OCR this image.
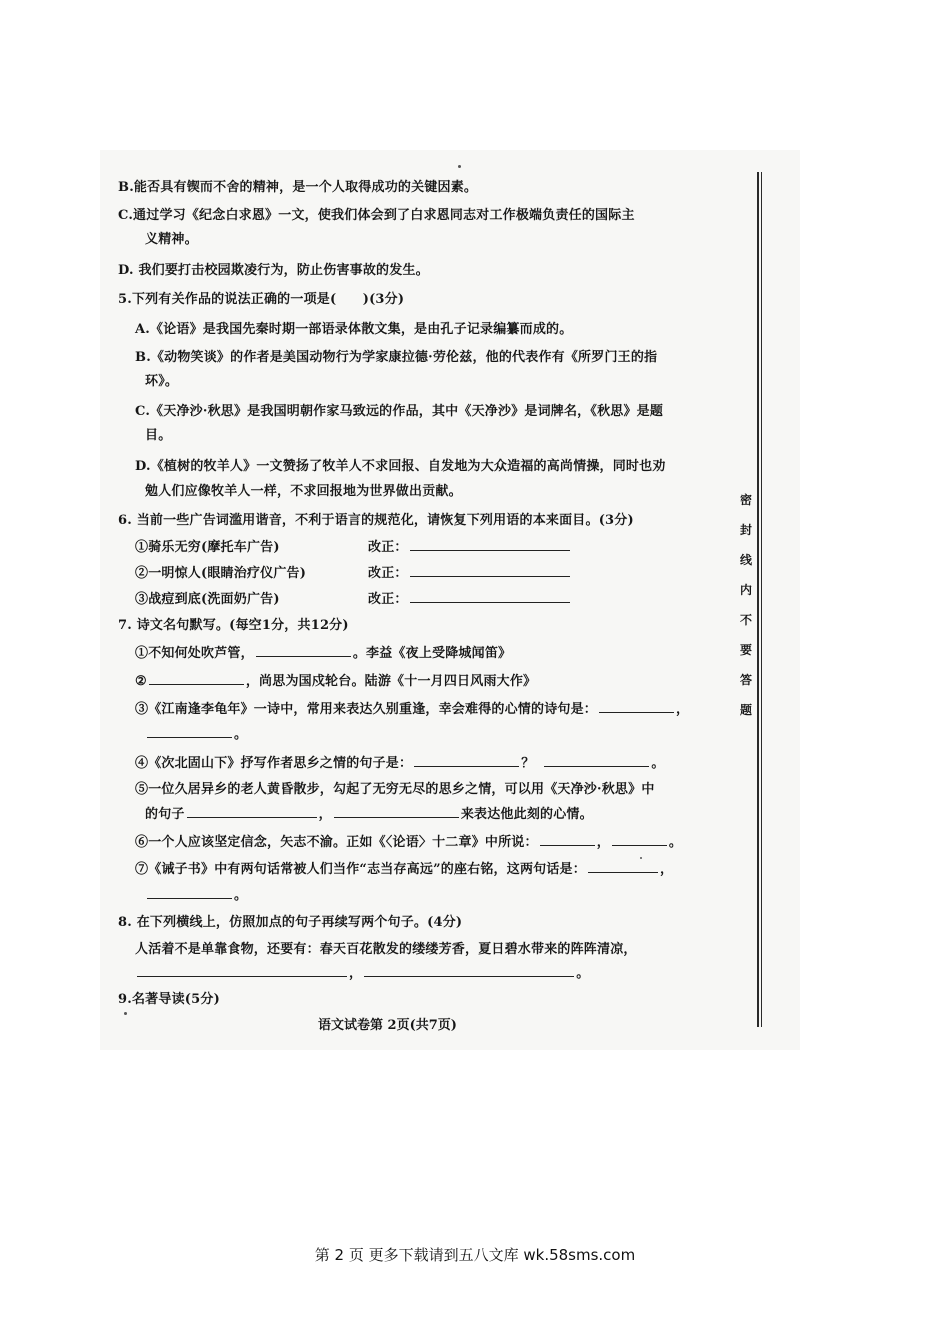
B.能否具有锲而不舍的精神，是一个人取得成功的关键因素。
C.通过学习《纪念白求恩》一文，使我们体会到了白求恩同志对工作极端负责任的国际主
义精神。
D. 我们要打击校园欺凌行为，防止伤害事故的发生。
5.下列有关作品的说法正确的一项是(　　)(3分)
A.《论语》是我国先秦时期一部语录体散文集，是由孔子记录编纂而成的。
B.《动物笑谈》的作者是美国动物行为学家康拉德·劳伦兹，他的代表作有《所罗门王的指
环》。
C.《天净沙·秋思》是我国明朝作家马致远的作品，其中《天净沙》是词牌名，《秋思》是题
目。
D.《植树的牧羊人》一文赞扬了牧羊人不求回报、自发地为大众造福的高尚情操，同时也劝
勉人们应像牧羊人一样，不求回报地为世界做出贡献。
6. 当前一些广告词滥用谐音，不利于语言的规范化，请恢复下列用语的本来面目。(3分)
①骑乐无穷(摩托车广告)	改正：
②一明惊人(眼睛治疗仪广告)	改正：
③战痘到底(洗面奶广告)	改正：
7. 诗文名句默写。(每空1分，共12分)
①不知何处吹芦管，	。李益《夜上受降城闻笛》
②	，尚思为国戍轮台。陆游《十一月四日风雨大作》
③《江南逢李龟年》一诗中，常用来表达久别重逢，幸会难得的心情的诗句是：	，
。
④《次北固山下》抒写作者思乡之情的句子是：	？	。
⑤一位久居异乡的老人黄昏散步，勾起了无穷无尽的思乡之情，可以用《天净沙·秋思》中
的句子	，	来表达他此刻的心情。
⑥一个人应该坚定信念，矢志不渝。正如《〈论语〉十二章》中所说：	，	。
⑦《诫子书》中有两句话常被人们当作“志当存高远”的座右铭，这两句话是：	，
。
8. 在下列横线上，仿照加点的句子再续写两个句子。(4分)
人活着不是单靠食物，还要有：春天百花散发的缕缕芳香，夏日碧水带来的阵阵清凉，
，	。
9.名著导读(5分)
语文试卷第 2页(共7页)
密
封
线
内
不
要
答
题
第 2 页 更多下载请到五八文库 wk.58sms.com
